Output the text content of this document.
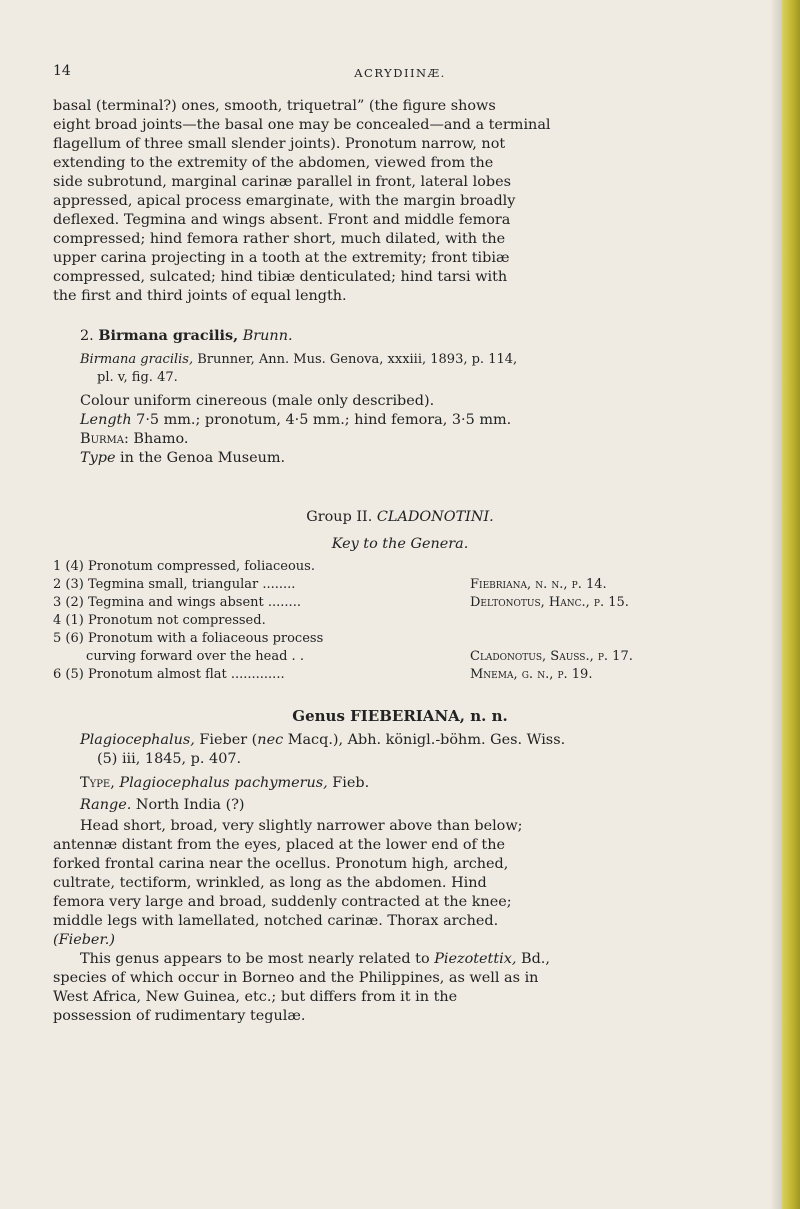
14	ACRYDIINÆ.
basal (terminal?) ones, smooth, triquetral” (the figure shows
eight broad joints—the basal one may be concealed—and a terminal
flagellum of three small slender joints). Pronotum narrow, not
extending to the extremity of the abdomen, viewed from the
side subrotund, marginal carinæ parallel in front, lateral lobes
appressed, apical process emarginate, with the margin broadly
deflexed. Tegmina and wings absent. Front and middle femora
compressed; hind femora rather short, much dilated, with the
upper carina projecting in a tooth at the extremity; front tibiæ
compressed, sulcated; hind tibiæ denticulated; hind tarsi with
the first and third joints of equal length.
2. Birmana gracilis, Brunn.
Birmana gracilis, Brunner, Ann. Mus. Genova, xxxiii, 1893, p. 114,
pl. v, fig. 47.
Colour uniform cinereous (male only described).
Length 7·5 mm.; pronotum, 4·5 mm.; hind femora, 3·5 mm.
Burma: Bhamo.
Type in the Genoa Museum.
Group II. CLADONOTINI.
Key to the Genera.
1 (4) Pronotum compressed, foliaceous.
2 (3) Tegmina small, triangular ........	Fiebriana, n. n., p. 14.
3 (2) Tegmina and wings absent ........	Deltonotus, Hanc., p. 15.
4 (1) Pronotum not compressed.
5 (6) Pronotum with a foliaceous process
curving forward over the head . .	Cladonotus, Sauss., p. 17.
6 (5) Pronotum almost flat .............	Mnema, g. n., p. 19.
Genus FIEBERIANA, n. n.
Plagiocephalus, Fieber (nec Macq.), Abh. königl.-böhm. Ges. Wiss.
(5) iii, 1845, p. 407.
Type, Plagiocephalus pachymerus, Fieb.
Range. North India (?)
Head short, broad, very slightly narrower above than below;
antennæ distant from the eyes, placed at the lower end of the
forked frontal carina near the ocellus. Pronotum high, arched,
cultrate, tectiform, wrinkled, as long as the abdomen. Hind
femora very large and broad, suddenly contracted at the knee;
middle legs with lamellated, notched carinæ. Thorax arched.
(Fieber.)
This genus appears to be most nearly related to Piezotettix, Bd.,
species of which occur in Borneo and the Philippines, as well as in
West Africa, New Guinea, etc.; but differs from it in the
possession of rudimentary tegulæ.
